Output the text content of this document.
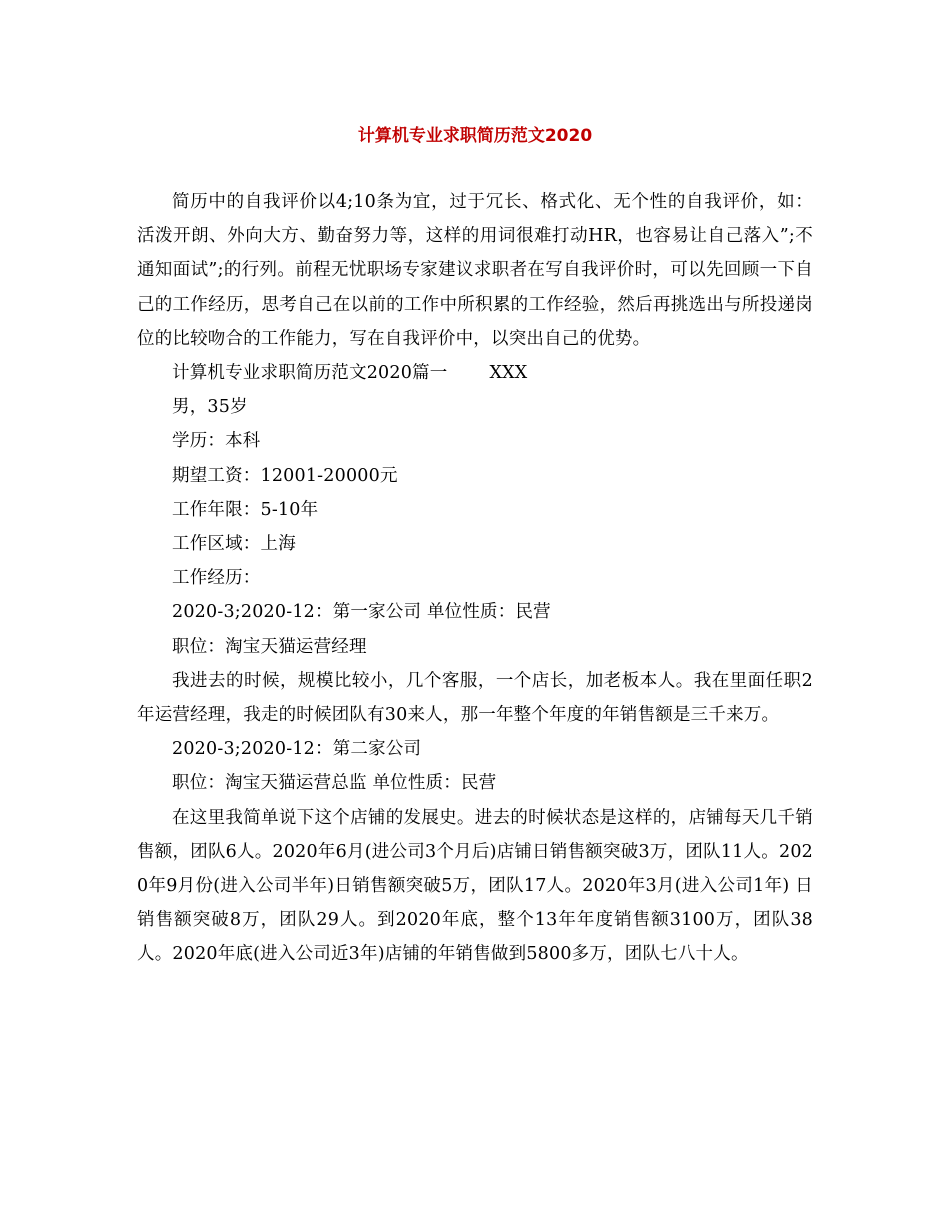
计算机专业求职简历范文2020

简历中的自我评价以4;10条为宜，过于冗长、格式化、无个性的自我评价，如：活泼开朗、外向大方、勤奋努力等，这样的用词很难打动HR，也容易让自己落入”;不通知面试”;的行列。前程无忧职场专家建议求职者在写自我评价时，可以先回顾一下自己的工作经历，思考自己在以前的工作中所积累的工作经验，然后再挑选出与所投递岗位的比较吻合的工作能力，写在自我评价中，以突出自己的优势。

计算机专业求职简历范文2020篇一 XXX

男，35岁

学历：本科

期望工资：12001-20000元

工作年限：5-10年

工作区域：上海

工作经历：

2020-3;2020-12：第一家公司 单位性质：民营

职位：淘宝天猫运营经理

我进去的时候，规模比较小，几个客服，一个店长，加老板本人。我在里面任职2年运营经理，我走的时候团队有30来人，那一年整个年度的年销售额是三千来万。

2020-3;2020-12：第二家公司

职位：淘宝天猫运营总监 单位性质：民营

在这里我简单说下这个店铺的发展史。进去的时候状态是这样的，店铺每天几千销售额，团队6人。2020年6月(进公司3个月后)店铺日销售额突破3万，团队11人。2020年9月份(进入公司半年)日销售额突破5万，团队17人。2020年3月(进入公司1年) 日销售额突破8万，团队29人。到2020年底，整个13年年度销售额3100万，团队38人。2020年底(进入公司近3年)店铺的年销售做到5800多万，团队七八十人。
